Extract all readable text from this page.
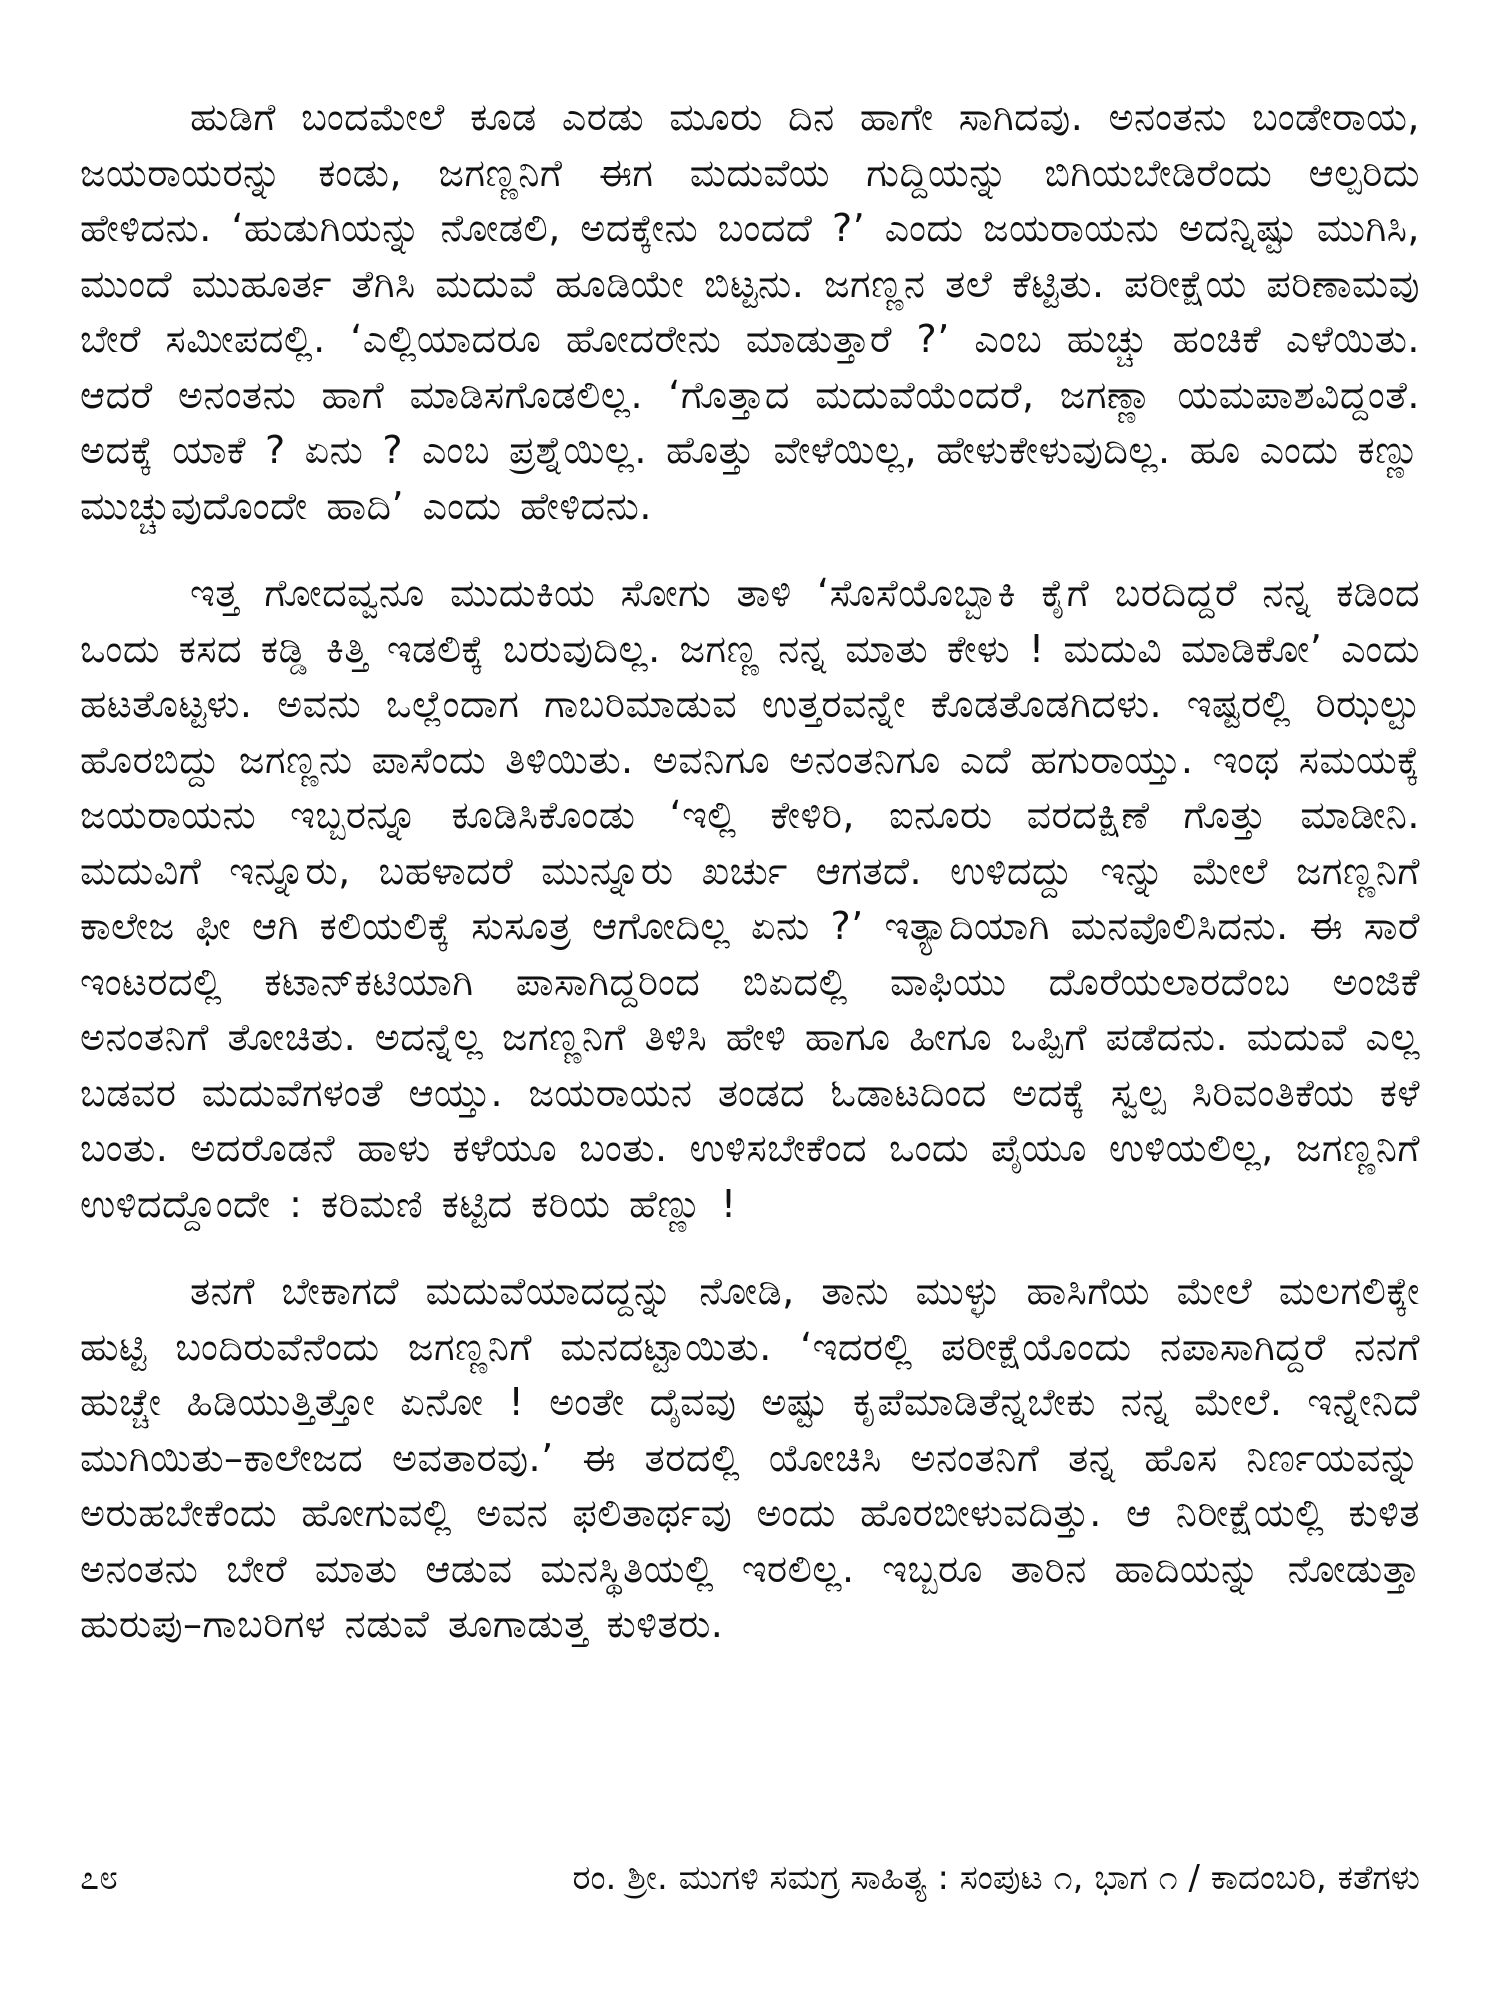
ಹುಡಿಗೆ ಬಂದಮೇಲೆ ಕೂಡ ಎರಡು ಮೂರು ದಿನ ಹಾಗೇ ಸಾಗಿದವು. ಅನಂತನು ಬಂಡೇರಾಯ, ಜಯರಾಯರನ್ನು ಕಂಡು, ಜಗಣ್ಣನಿಗೆ ಈಗ ಮದುವೆಯ ಗುದ್ದಿಯನ್ನು ಬಿಗಿಯಬೇಡಿರೆಂದು ಆಲ್ಪರಿದು ಹೇಳಿದನು. ‘ಹುಡುಗಿಯನ್ನು ನೋಡಲಿ, ಅದಕ್ಕೇನು ಬಂದದೆ ?’ ಎಂದು ಜಯರಾಯನು ಅದನ್ನಿಷ್ಟು ಮುಗಿಸಿ, ಮುಂದೆ ಮುಹೂರ್ತ ತೆಗಿಸಿ ಮದುವೆ ಹೂಡಿಯೇ ಬಿಟ್ಟನು. ಜಗಣ್ಣನ ತಲೆ ಕೆಟ್ಟಿತು. ಪರೀಕ್ಷೆಯ ಪರಿಣಾಮವು ಬೇರೆ ಸಮೀಪದಲ್ಲಿ. ‘ಎಲ್ಲಿಯಾದರೂ ಹೋದರೇನು ಮಾಡುತ್ತಾರೆ ?’ ಎಂಬ ಹುಚ್ಚು ಹಂಚಿಕೆ ಎಳೆಯಿತು. ಆದರೆ ಅನಂತನು ಹಾಗೆ ಮಾಡಿಸಗೊಡಲಿಲ್ಲ. ‘ಗೊತ್ತಾದ ಮದುವೆಯೆಂದರೆ, ಜಗಣ್ಣಾ ಯಮಪಾಶವಿದ್ದಂತೆ. ಅದಕ್ಕೆ ಯಾಕೆ ? ಏನು ? ಎಂಬ ಪ್ರಶ್ನೆಯಿಲ್ಲ. ಹೊತ್ತು ವೇಳೆಯಿಲ್ಲ, ಹೇಳುಕೇಳುವುದಿಲ್ಲ. ಹೂ ಎಂದು ಕಣ್ಣು ಮುಚ್ಚುವುದೊಂದೇ ಹಾದಿ’ ಎಂದು ಹೇಳಿದನು.

ಇತ್ತ ಗೋದವ್ವನೂ ಮುದುಕಿಯ ಸೋಗು ತಾಳಿ ‘ಸೊಸೆಯೊಬ್ಬಾಕಿ ಕೈಗೆ ಬರದಿದ್ದರೆ ನನ್ನ ಕಡಿಂದ ಒಂದು ಕಸದ ಕಡ್ಡಿ ಕಿತ್ತಿ ಇಡಲಿಕ್ಕೆ ಬರುವುದಿಲ್ಲ. ಜಗಣ್ಣ ನನ್ನ ಮಾತು ಕೇಳು ! ಮದುವಿ ಮಾಡಿಕೋ’ ಎಂದು ಹಟತೊಟ್ಟಳು. ಅವನು ಒಲ್ಲೆಂದಾಗ ಗಾಬರಿಮಾಡುವ ಉತ್ತರವನ್ನೇ ಕೊಡತೊಡಗಿದಳು. ಇಷ್ಟರಲ್ಲಿ ರಿಝಲ್ಟು ಹೊರಬಿದ್ದು ಜಗಣ್ಣನು ಪಾಸೆಂದು ತಿಳಿಯಿತು. ಅವನಿಗೂ ಅನಂತನಿಗೂ ಎದೆ ಹಗುರಾಯ್ತು. ಇಂಥ ಸಮಯಕ್ಕೆ ಜಯರಾಯನು ಇಬ್ಬರನ್ನೂ ಕೂಡಿಸಿಕೊಂಡು ‘ಇಲ್ಲಿ ಕೇಳಿರಿ, ಐನೂರು ವರದಕ್ಷಿಣೆ ಗೊತ್ತು ಮಾಡೀನಿ. ಮದುವಿಗೆ ಇನ್ನೂರು, ಬಹಳಾದರೆ ಮುನ್ನೂರು ಖರ್ಚು ಆಗತದೆ. ಉಳಿದದ್ದು ಇನ್ನು ಮೇಲೆ ಜಗಣ್ಣನಿಗೆ ಕಾಲೇಜ ಫೀ ಆಗಿ ಕಲಿಯಲಿಕ್ಕೆ ಸುಸೂತ್ರ ಆಗೋದಿಲ್ಲ ಏನು ?’ ಇತ್ಯಾದಿಯಾಗಿ ಮನವೊಲಿಸಿದನು. ಈ ಸಾರೆ ಇಂಟರದಲ್ಲಿ ಕಟಾನ್‌ಕಟಿಯಾಗಿ ಪಾಸಾಗಿದ್ದರಿಂದ ಬಿಏದಲ್ಲಿ ವಾಫಿಯು ದೊರೆಯಲಾರದೆಂಬ ಅಂಜಿಕೆ ಅನಂತನಿಗೆ ತೋಚಿತು. ಅದನ್ನೆಲ್ಲ ಜಗಣ್ಣನಿಗೆ ತಿಳಿಸಿ ಹೇಳಿ ಹಾಗೂ ಹೀಗೂ ಒಪ್ಪಿಗೆ ಪಡೆದನು. ಮದುವೆ ಎಲ್ಲ ಬಡವರ ಮದುವೆಗಳಂತೆ ಆಯ್ತು. ಜಯರಾಯನ ತಂಡದ ಓಡಾಟದಿಂದ ಅದಕ್ಕೆ ಸ್ವಲ್ಪ ಸಿರಿವಂತಿಕೆಯ ಕಳೆ ಬಂತು. ಅದರೊಡನೆ ಹಾಳು ಕಳೆಯೂ ಬಂತು. ಉಳಿಸಬೇಕೆಂದ ಒಂದು ಪೈಯೂ ಉಳಿಯಲಿಲ್ಲ, ಜಗಣ್ಣನಿಗೆ ಉಳಿದದ್ದೊಂದೇ : ಕರಿಮಣಿ ಕಟ್ಟಿದ ಕರಿಯ ಹೆಣ್ಣು !

ತನಗೆ ಬೇಕಾಗದೆ ಮದುವೆಯಾದದ್ದನ್ನು ನೋಡಿ, ತಾನು ಮುಳ್ಳು ಹಾಸಿಗೆಯ ಮೇಲೆ ಮಲಗಲಿಕ್ಕೇ ಹುಟ್ಟಿ ಬಂದಿರುವೆನೆಂದು ಜಗಣ್ಣನಿಗೆ ಮನದಟ್ಟಾಯಿತು. ‘ಇದರಲ್ಲಿ ಪರೀಕ್ಷೆಯೊಂದು ನಪಾಸಾಗಿದ್ದರೆ ನನಗೆ ಹುಚ್ಚೇ ಹಿಡಿಯುತ್ತಿತ್ತೋ ಏನೋ ! ಅಂತೇ ದೈವವು ಅಷ್ಟು ಕೃಪೆಮಾಡಿತೆನ್ನಬೇಕು ನನ್ನ ಮೇಲೆ. ಇನ್ನೇನಿದೆ ಮುಗಿಯಿತು–ಕಾಲೇಜದ ಅವತಾರವು.’ ಈ ತರದಲ್ಲಿ ಯೋಚಿಸಿ ಅನಂತನಿಗೆ ತನ್ನ ಹೊಸ ನಿರ್ಣಯವನ್ನು ಅರುಹಬೇಕೆಂದು ಹೋಗುವಲ್ಲಿ ಅವನ ಫಲಿತಾರ್ಥವು ಅಂದು ಹೊರಬೀಳುವದಿತ್ತು. ಆ ನಿರೀಕ್ಷೆಯಲ್ಲಿ ಕುಳಿತ ಅನಂತನು ಬೇರೆ ಮಾತು ಆಡುವ ಮನಸ್ಥಿತಿಯಲ್ಲಿ ಇರಲಿಲ್ಲ. ಇಬ್ಬರೂ ತಾರಿನ ಹಾದಿಯನ್ನು ನೋಡುತ್ತಾ ಹುರುಪು–ಗಾಬರಿಗಳ ನಡುವೆ ತೂಗಾಡುತ್ತ ಕುಳಿತರು.

೭೮	ರಂ. ಶ್ರೀ. ಮುಗಳಿ ಸಮಗ್ರ ಸಾಹಿತ್ಯ : ಸಂಪುಟ ೧, ಭಾಗ ೧ / ಕಾದಂಬರಿ, ಕತೆಗಳು
